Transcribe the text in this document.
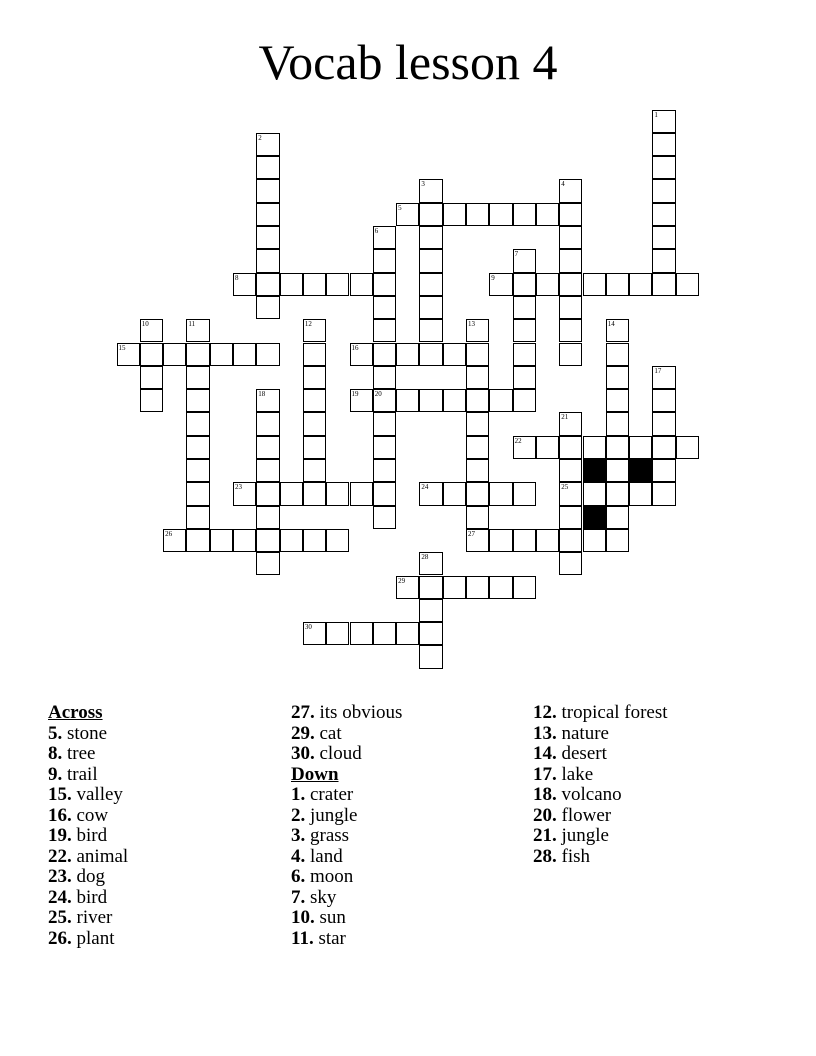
Vocab lesson 4
1
2
3	4
5
6
20
7
8	9
10	11	12	13
27
14
15	16
17
18	19
21
25
22
23	24
26
28
29
30
Across
5. stone
8. tree
9. trail
15. valley
16. cow
19. bird
22. animal
23. dog
24. bird
25. river
26. plant
27. its obvious
29. cat
30. cloud
Down
1. crater
2. jungle
3. grass
4. land
6. moon
7. sky
10. sun
11. star
12. tropical forest
13. nature
14. desert
17. lake
18. volcano
20. flower
21. jungle
28. fish
